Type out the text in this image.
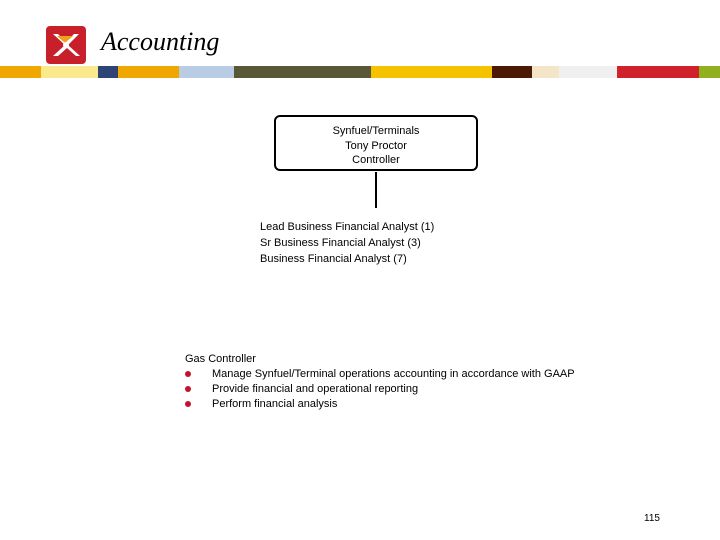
Accounting
Synfuel/Terminals
Tony Proctor
Controller
Lead Business Financial Analyst (1)
Sr Business Financial Analyst (3)
Business Financial Analyst (7)
Gas Controller
Manage Synfuel/Terminal operations accounting in accordance with GAAP
Provide financial and operational reporting
Perform financial analysis
115
